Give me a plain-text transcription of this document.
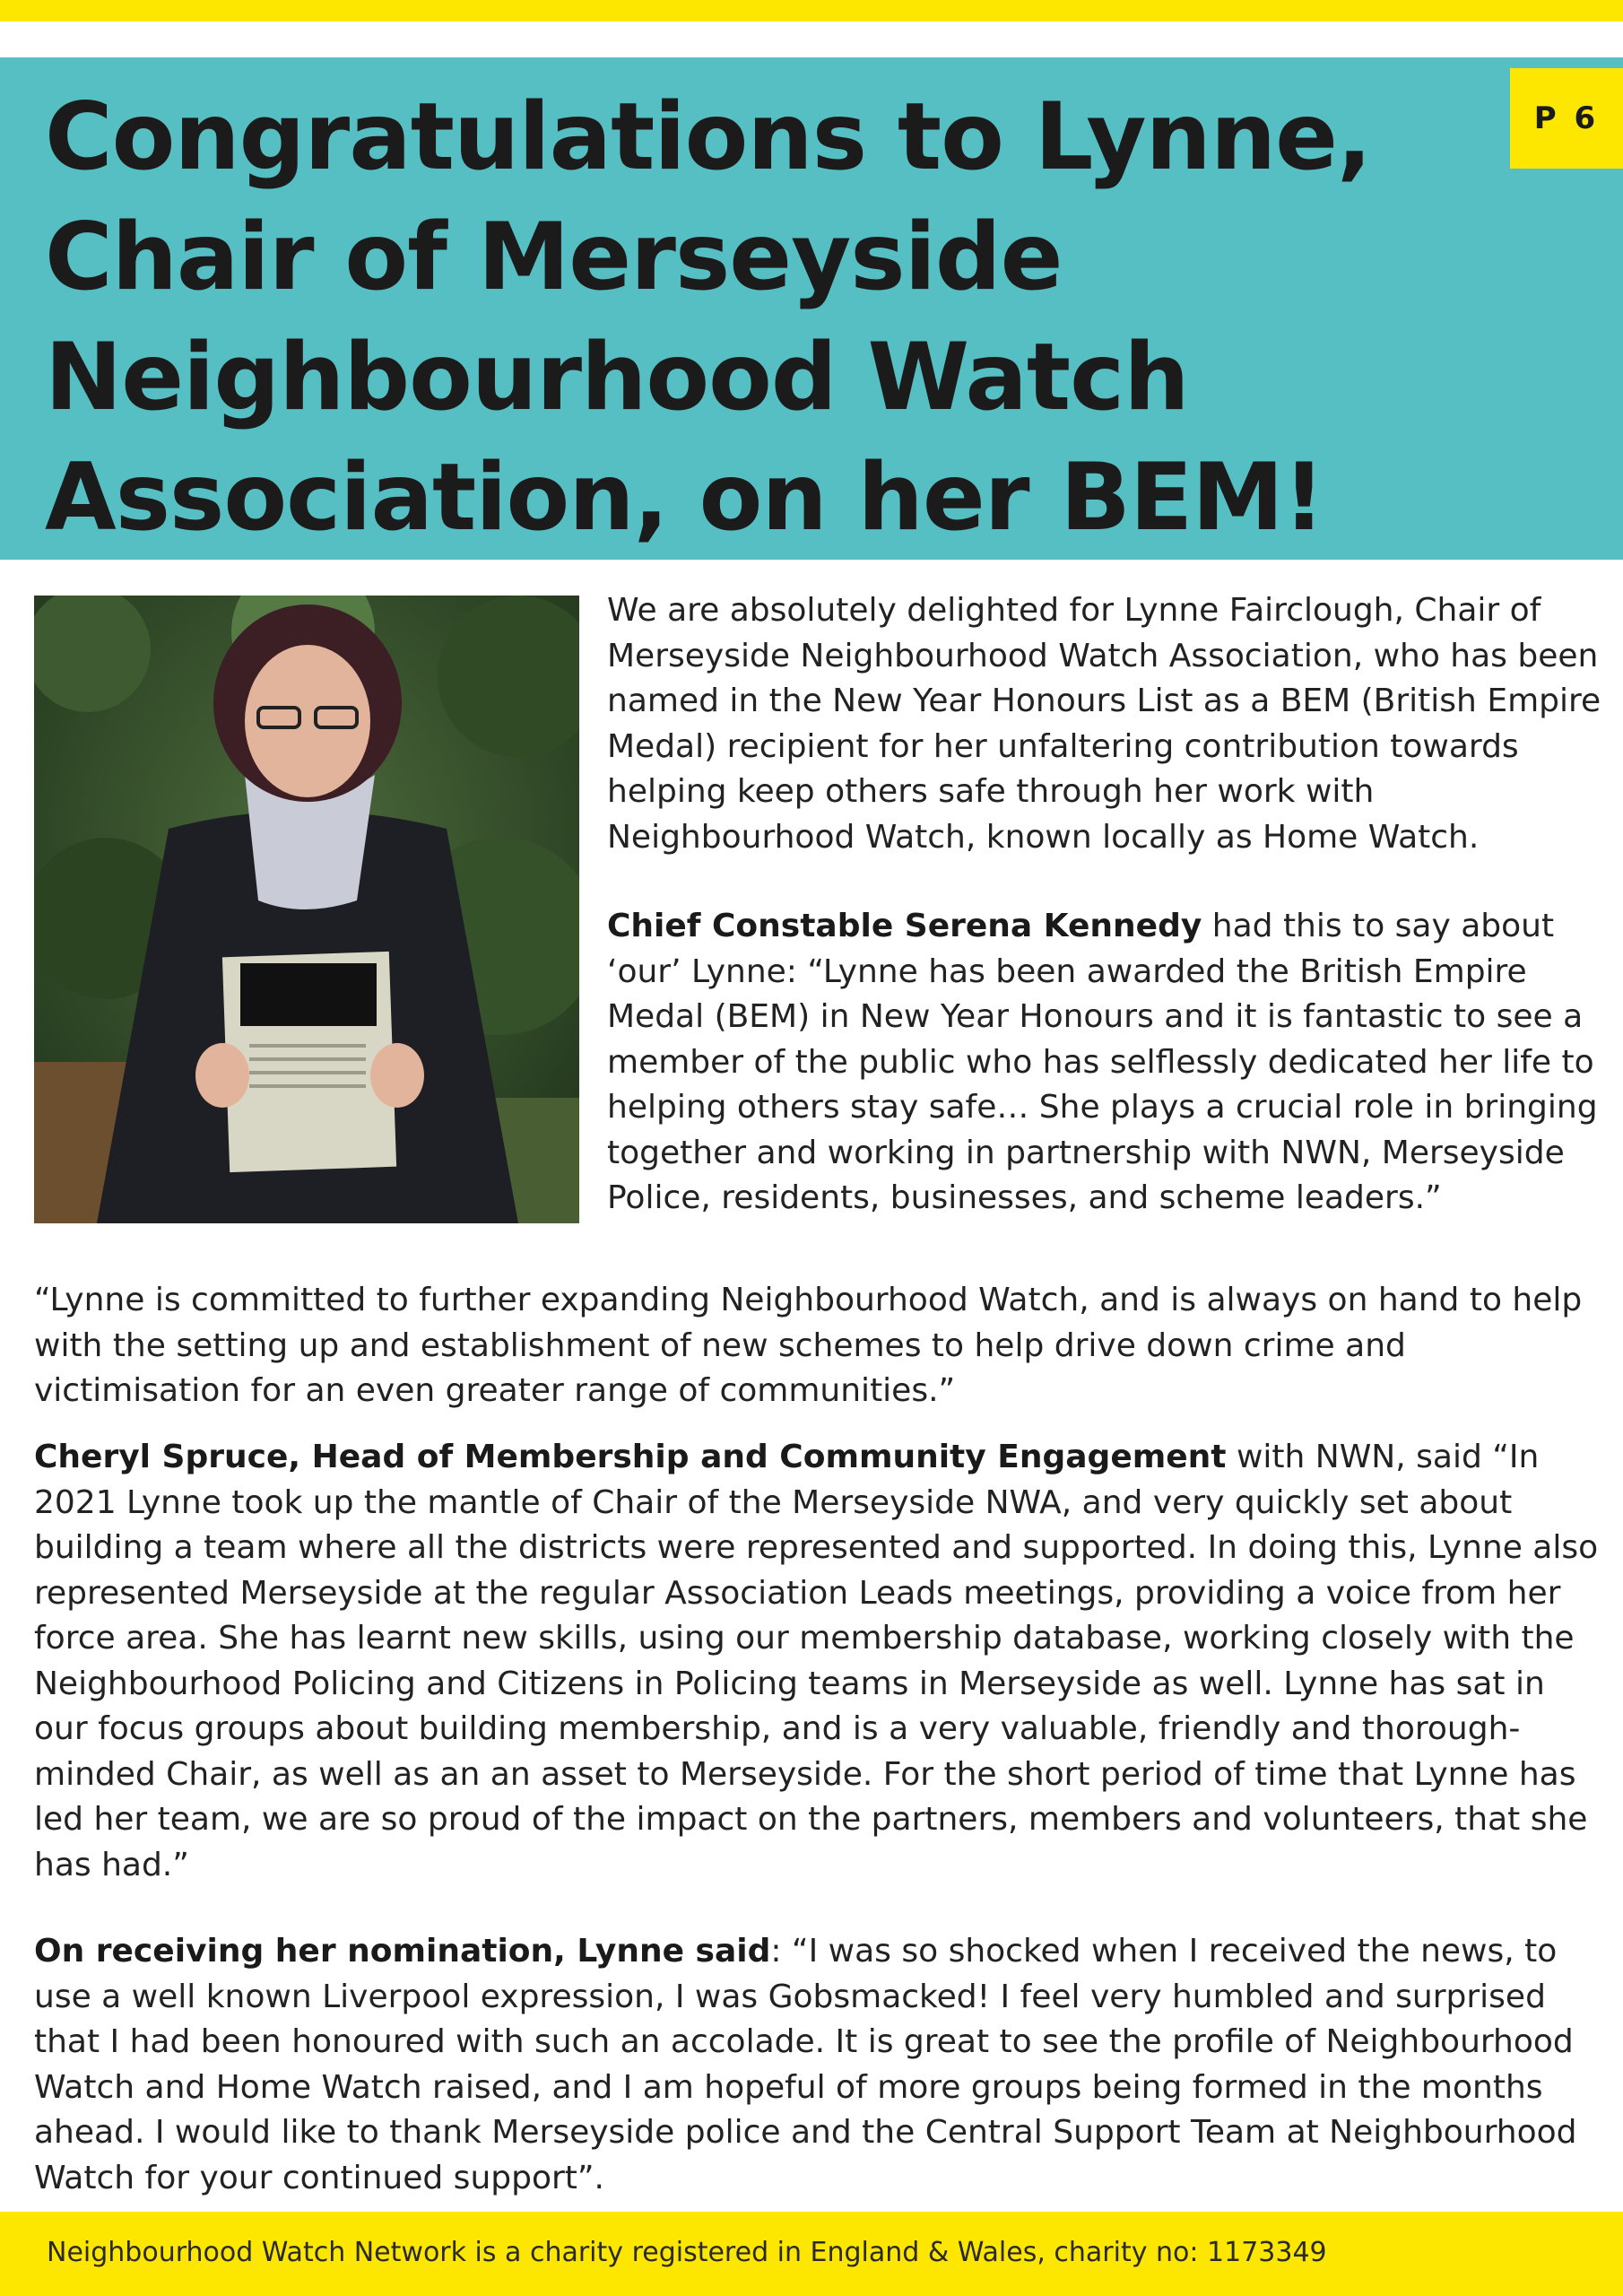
Congratulations to Lynne, Chair of Merseyside Neighbourhood Watch Association, on her BEM!
P 6

We are absolutely delighted for Lynne Fairclough, Chair of Merseyside Neighbourhood Watch Association, who has been named in the New Year Honours List as a BEM (British Empire Medal) recipient for her unfaltering contribution towards helping keep others safe through her work with Neighbourhood Watch, known locally as Home Watch.

Chief Constable Serena Kennedy had this to say about ‘our’ Lynne: “Lynne has been awarded the British Empire Medal (BEM) in New Year Honours and it is fantastic to see a member of the public who has selflessly dedicated her life to helping others stay safe… She plays a crucial role in bringing together and working in partnership with NWN, Merseyside Police, residents, businesses, and scheme leaders.”

“Lynne is committed to further expanding Neighbourhood Watch, and is always on hand to help with the setting up and establishment of new schemes to help drive down crime and victimisation for an even greater range of communities.”

Cheryl Spruce, Head of Membership and Community Engagement with NWN, said “In 2021 Lynne took up the mantle of Chair of the Merseyside NWA, and very quickly set about building a team where all the districts were represented and supported. In doing this, Lynne also represented Merseyside at the regular Association Leads meetings, providing a voice from her force area. She has learnt new skills, using our membership database, working closely with the Neighbourhood Policing and Citizens in Policing teams in Merseyside as well. Lynne has sat in our focus groups about building membership, and is a very valuable, friendly and thorough-minded Chair, as well as an an asset to Merseyside. For the short period of time that Lynne has led her team, we are so proud of the impact on the partners, members and volunteers, that she has had.”

On receiving her nomination, Lynne said: “I was so shocked when I received the news, to use a well known Liverpool expression, I was Gobsmacked! I feel very humbled and surprised that I had been honoured with such an accolade. It is great to see the profile of Neighbourhood Watch and Home Watch raised, and I am hopeful of more groups being formed in the months ahead. I would like to thank Merseyside police and the Central Support Team at Neighbourhood Watch for your continued support”.

Neighbourhood Watch Network is a charity registered in England & Wales, charity no: 1173349
